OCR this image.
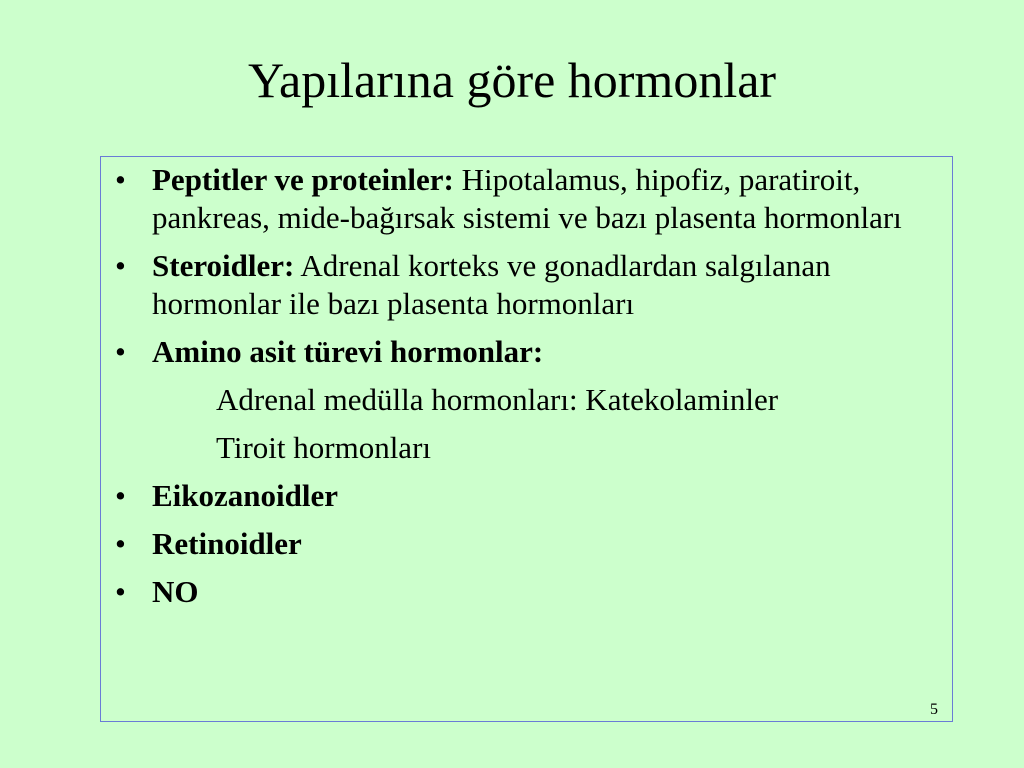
Yapılarına göre hormonlar
• Peptitler ve proteinler: Hipotalamus, hipofiz, paratiroit, pankreas, mide-bağırsak sistemi ve bazı plasenta hormonları
• Steroidler: Adrenal korteks ve gonadlardan salgılanan hormonlar ile bazı plasenta hormonları
• Amino asit türevi hormonlar:
Adrenal medülla hormonları: Katekolaminler
Tiroit hormonları
• Eikozanoidler
• Retinoidler
• NO
5
